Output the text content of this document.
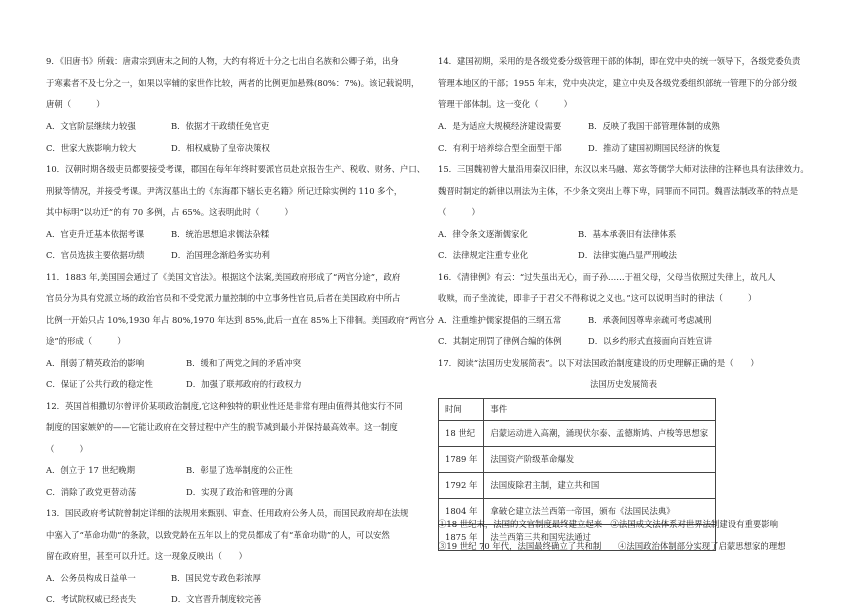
9．《旧唐书》所载：唐肃宗到唐末之间的人物，大约有将近十分之七出自名族和公卿子弟，出身
于寒素者不及七分之一，如果以宰辅的家世作比较，两者的比例更加悬殊(80%：7%)。该记载说明，
唐朝（　　　）
A．文官阶层继续力较强	B．依据才干政绩任免官吏
C．世家大族影响力较大	D．相权威胁了皇帝决策权
10．汉朝时期各级吏员都要接受考课，郡国在每年年终时要派官员赴京报告生产、税收、财务、户口、
刑狱等情况，并接受考课。尹湾汉墓出土的《东海郡下辖长吏名籍》所记迁除实例约 110 多个，
其中标明“以功迁”的有 70 多例，占 65%。这表明此时（　　　）
A．官吏升迁基本依据考课	B．统治思想追求儒法杂糅
C．官员选拔主要依据功绩	D．治国理念渐趋务实功利
11．1883 年,美国国会通过了《美国文官法》。根据这个法案,美国政府形成了“两官分途”，政府
官员分为具有党派立场的政治官员和不受党派力量控制的中立事务性官员,后者在美国政府中所占
比例一开始只占 10%,1930 年占 80%,1970 年达到 85%,此后一直在 85%上下徘徊。美国政府“两官分
途”的形成（　　　）
A．削弱了精英政治的影响	B．缓和了两党之间的矛盾冲突
C．保证了公共行政的稳定性	D．加强了联邦政府的行政权力
12．英国首相撒切尔曾评价某项政治制度,它这种独特的职业性还是非常有理由值得其他实行不同
制度的国家嫉妒的——它能让政府在交替过程中产生的脱节减到最小并保持最高效率。这一制度
（　　　）
A．创立于 17 世纪晚期	B．彰显了选举制度的公正性
C．消除了政党更替动荡	D．实现了政治和管理的分离
13．国民政府考试院曾制定详细的法规用来甄别、审查、任用政府公务人员，而国民政府却在法规
中塞入了“革命功勋”的条款，以致党龄在五年以上的党员都成了有“革命功勋”的人，可以安然
留在政府里，甚至可以升迁。这一现象反映出（　　）
A．公务员构成日益单一	B．国民党专政色彩浓厚
C．考试院权威已经丧失	D．文官晋升制度较完善
14．建国初期，采用的是各级党委分级管理干部的体制，即在党中央的统一领导下，各级党委负责
管理本地区的干部；1955 年末，党中央决定，建立中央及各级党委组织部统一管理下的分部分级
管理干部体制。这一变化（　　　）
A．是为适应大规模经济建设需要	B．反映了我国干部管理体制的成熟
C．有利于培养综合型全面型干部	D．推动了建国初期国民经济的恢复
15．三国魏初曾大量沿用秦汉旧律，东汉以来马融、郑玄等儒学大师对法律的注释也具有法律效力。
魏晋时制定的新律以刑法为主体，不少条文突出上尊下卑，同罪而不同罚。魏晋法制改革的特点是
（　　　）
A．律令条文逐渐儒家化	B．基本承袭旧有法律体系
C．法律规定注重专业化	D．法律实施凸显严刑峻法
16．《清律例》有云：“过失虽出无心，而子孙……于祖父母，父母当依照过失律上，故凡人
收赎，而子坐流徒，即非子于君父不得称说之义也。”这可以说明当时的律法（　　　）
A．注重维护儒家提倡的三纲五常	B．承袭间因尊卑亲疏可考虑减刑
C．其制定刑罚了律例合编的体例	D．以乡约形式直接面向百姓宣讲
17．阅读“法国历史发展简表”。以下对法国政治制度建设的历史理解正确的是（　　）
法国历史发展简表
时间	事件
18 世纪	启蒙运动进入高潮，涌现伏尔泰、孟德斯鸠、卢梭等思想家
1789 年	法国资产阶级革命爆发
1792 年	法国废除君主制，建立共和国
1804 年	拿破仑建立法兰西第一帝国，颁布《法国民法典》
1875 年	法兰西第三共和国宪法通过
①18 世纪末，法国的文官制度最终建立起来　②法国成文法体系对世界法制建设有重要影响
③19 世纪 70 年代，法国最终确立了共和制　　④法国政治体制部分实现了启蒙思想家的理想
